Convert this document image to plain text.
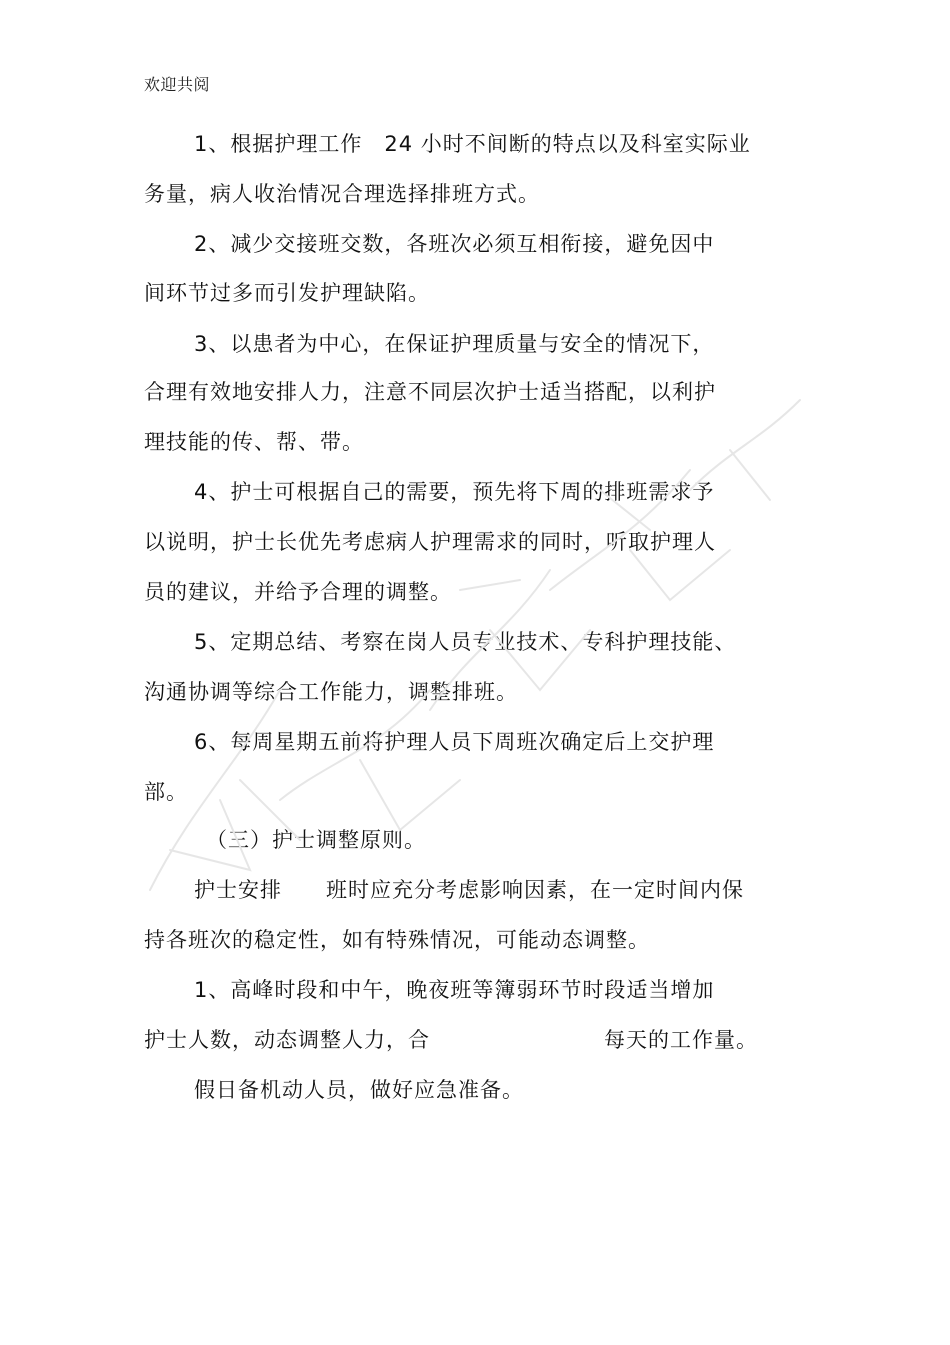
欢迎共阅
1、根据护理工作　24 小时不间断的特点以及科室实际业
务量，病人收治情况合理选择排班方式。
2、减少交接班交数，各班次必须互相衔接，避免因中
间环节过多而引发护理缺陷。
3、以患者为中心，在保证护理质量与安全的情况下，
合理有效地安排人力，注意不同层次护士适当搭配，以利护
理技能的传、帮、带。
4、护士可根据自己的需要，预先将下周的排班需求予
以说明，护士长优先考虑病人护理需求的同时，听取护理人
员的建议，并给予合理的调整。
5、定期总结、考察在岗人员专业技术、专科护理技能、
沟通协调等综合工作能力，调整排班。
6、每周星期五前将护理人员下周班次确定后上交护理
部。
（三）护士调整原则。
护士安排　　班时应充分考虑影响因素，在一定时间内保
持各班次的稳定性，如有特殊情况，可能动态调整。
1、高峰时段和中午，晚夜班等簿弱环节时段适当增加
护士人数，动态调整人力，合	每天的工作量。
假日备机动人员，做好应急准备。
